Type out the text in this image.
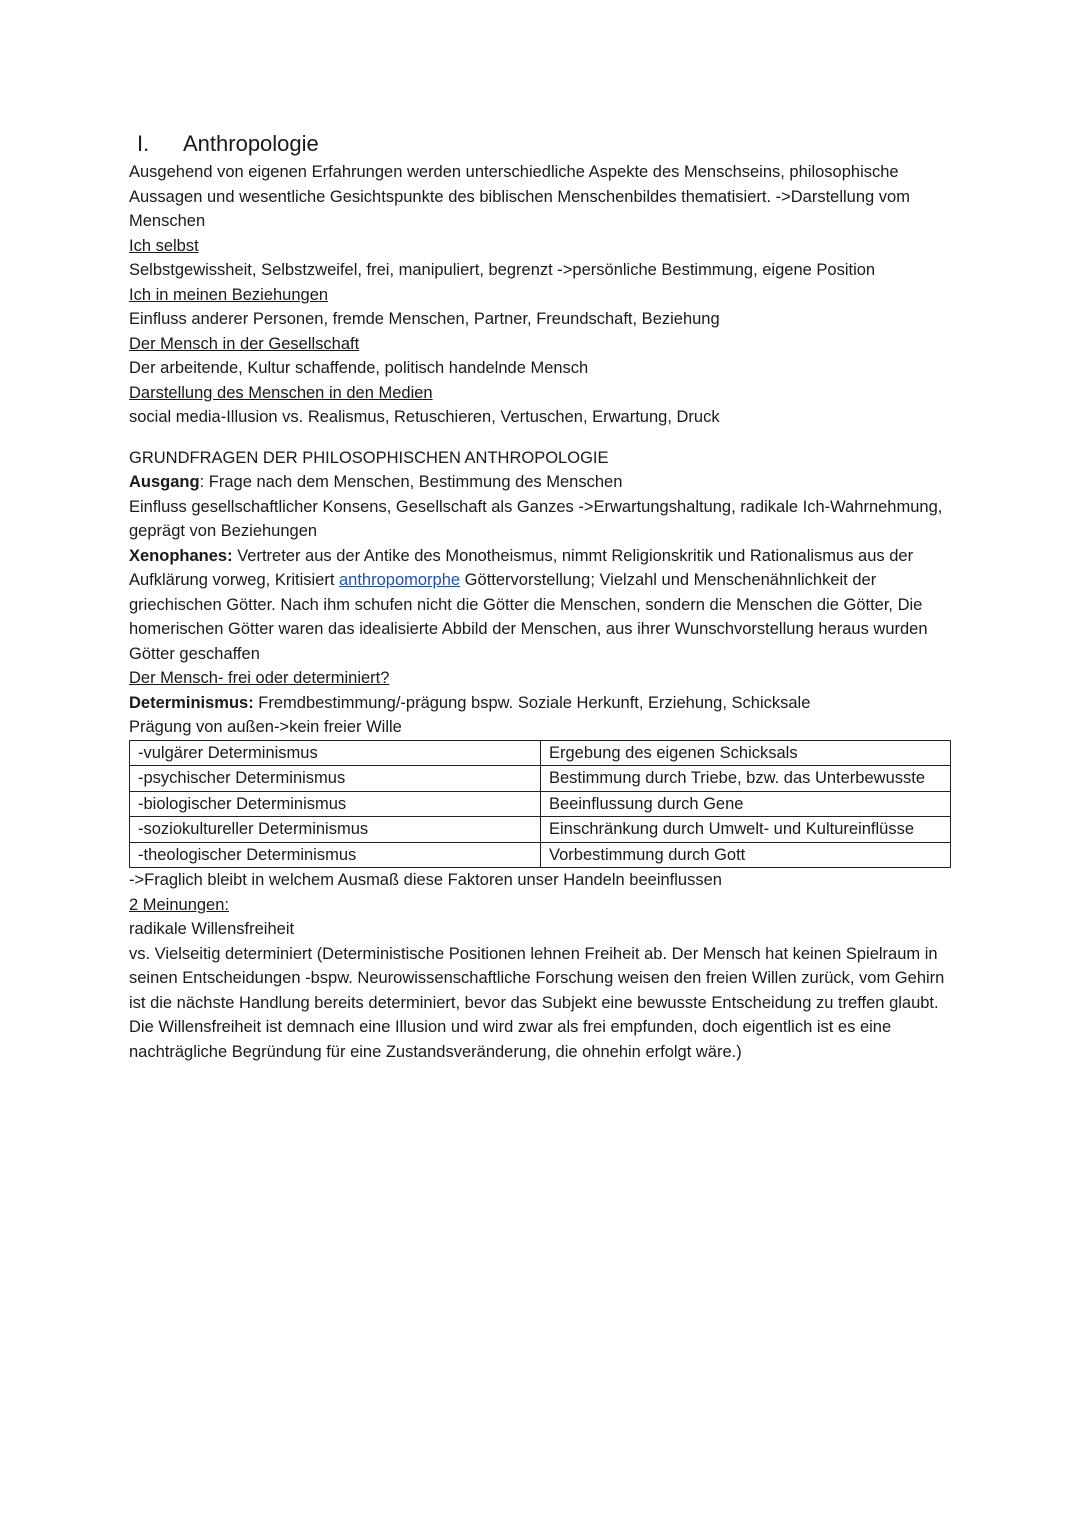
I. Anthropologie

Ausgehend von eigenen Erfahrungen werden unterschiedliche Aspekte des Menschseins, philosophische Aussagen und wesentliche Gesichtspunkte des biblischen Menschenbildes thematisiert. ->Darstellung vom Menschen

Ich selbst

Selbstgewissheit, Selbstzweifel, frei, manipuliert, begrenzt ->persönliche Bestimmung, eigene Position

Ich in meinen Beziehungen

Einfluss anderer Personen, fremde Menschen, Partner, Freundschaft, Beziehung

Der Mensch in der Gesellschaft

Der arbeitende, Kultur schaffende, politisch handelnde Mensch

Darstellung des Menschen in den Medien

social media-Illusion vs. Realismus, Retuschieren, Vertuschen, Erwartung, Druck

GRUNDFRAGEN DER PHILOSOPHISCHEN ANTHROPOLOGIE

Ausgang: Frage nach dem Menschen, Bestimmung des Menschen

Einfluss gesellschaftlicher Konsens, Gesellschaft als Ganzes ->Erwartungshaltung, radikale Ich-Wahrnehmung, geprägt von Beziehungen

Xenophanes: Vertreter aus der Antike des Monotheismus, nimmt Religionskritik und Rationalismus aus der Aufklärung vorweg, Kritisiert anthropomorphe Göttervorstellung; Vielzahl und Menschenähnlichkeit der griechischen Götter. Nach ihm schufen nicht die Götter die Menschen, sondern die Menschen die Götter, Die homerischen Götter waren das idealisierte Abbild der Menschen, aus ihrer Wunschvorstellung heraus wurden Götter geschaffen

Der Mensch- frei oder determiniert?

Determinismus: Fremdbestimmung/-prägung bspw. Soziale Herkunft, Erziehung, Schicksale

Prägung von außen->kein freier Wille

-vulgärer Determinismus	Ergebung des eigenen Schicksals
-psychischer Determinismus	Bestimmung durch Triebe, bzw. das Unterbewusste
-biologischer Determinismus	Beeinflussung durch Gene
-soziokultureller Determinismus	Einschränkung durch Umwelt- und Kultureinflüsse
-theologischer Determinismus	Vorbestimmung durch Gott

->Fraglich bleibt in welchem Ausmaß diese Faktoren unser Handeln beeinflussen

2 Meinungen:

radikale Willensfreiheit

vs. Vielseitig determiniert (Deterministische Positionen lehnen Freiheit ab. Der Mensch hat keinen Spielraum in seinen Entscheidungen -bspw. Neurowissenschaftliche Forschung weisen den freien Willen zurück, vom Gehirn ist die nächste Handlung bereits determiniert, bevor das Subjekt eine bewusste Entscheidung zu treffen glaubt. Die Willensfreiheit ist demnach eine Illusion und wird zwar als frei empfunden, doch eigentlich ist es eine nachträgliche Begründung für eine Zustandsveränderung, die ohnehin erfolgt wäre.)
